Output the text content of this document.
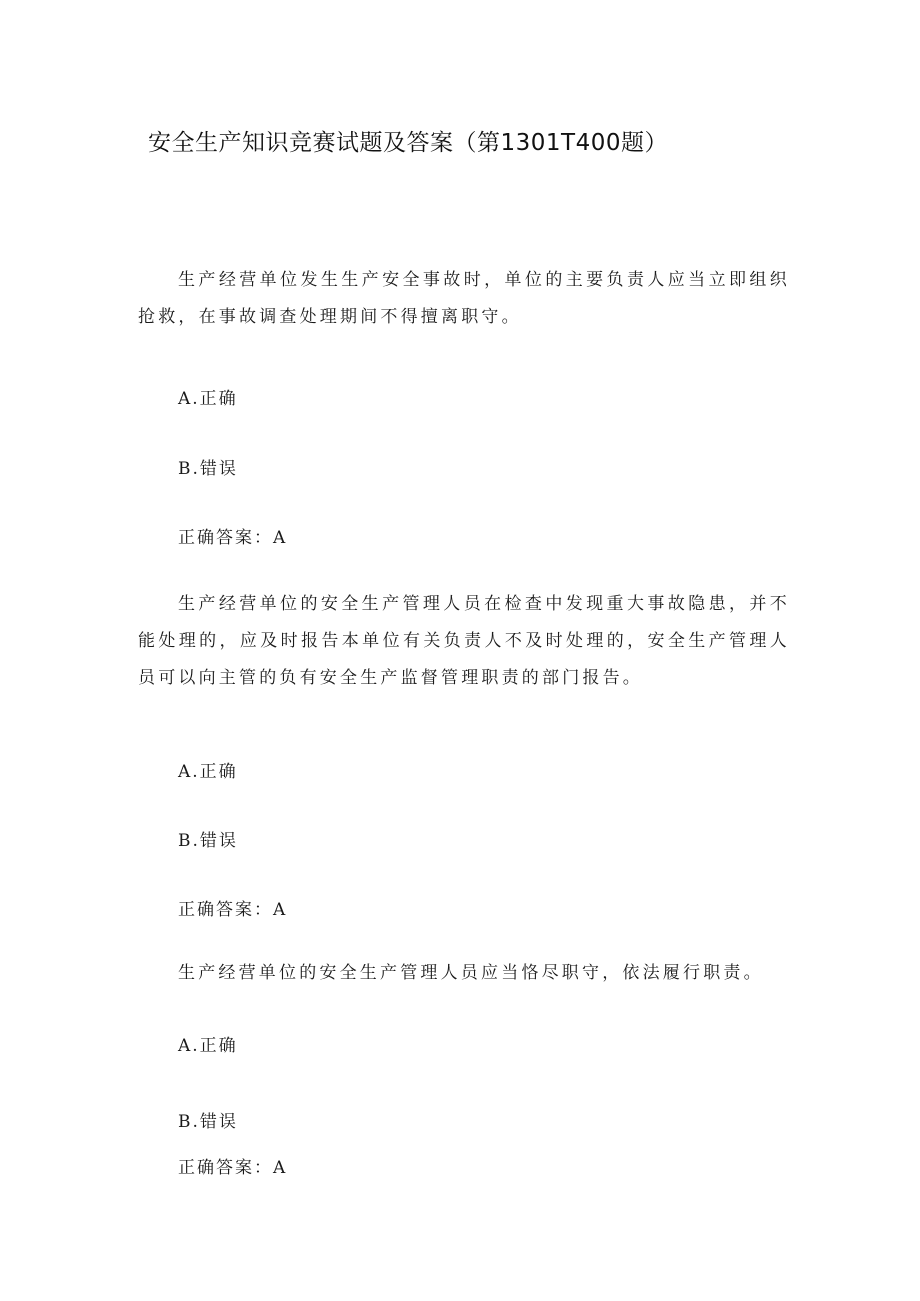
安全生产知识竞赛试题及答案（第1301T400题）
生产经营单位发生生产安全事故时，单位的主要负责人应当立即组织抢救，在事故调查处理期间不得擅离职守。
A.正确
B.错误
正确答案：A
生产经营单位的安全生产管理人员在检查中发现重大事故隐患，并不能处理的，应及时报告本单位有关负责人不及时处理的，安全生产管理人员可以向主管的负有安全生产监督管理职责的部门报告。
A.正确
B.错误
正确答案：A
生产经营单位的安全生产管理人员应当恪尽职守，依法履行职责。
A.正确
B.错误
正确答案：A
